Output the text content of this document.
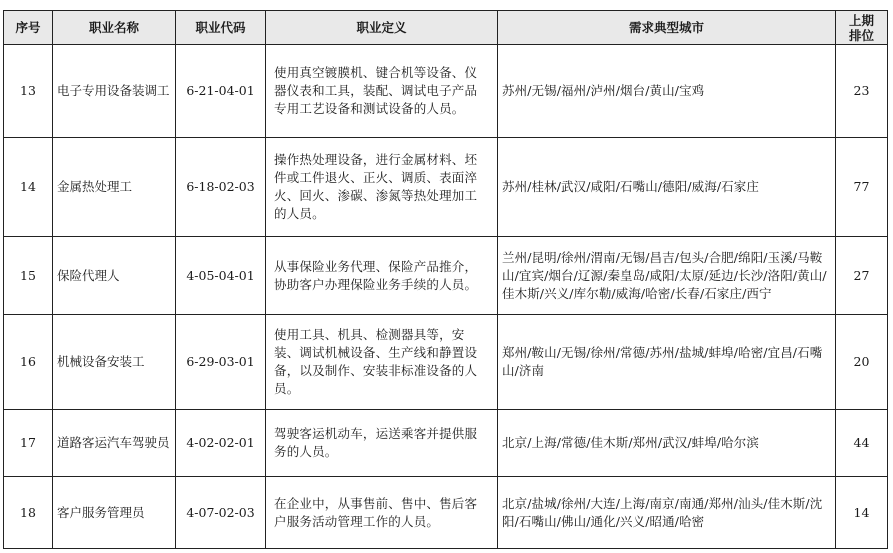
序号	职业名称	职业代码	职业定义	需求典型城市	上期
排位

13	电子专用设备装调工	6-21-04-01	使用真空镀膜机、键合机等设备、仪器仪表和工具，装配、调试电子产品专用工艺设备和测试设备的人员。	苏州/无锡/福州/泸州/烟台/黄山/宝鸡	23
14	金属热处理工	6-18-02-03	操作热处理设备，进行金属材料、坯件或工件退火、正火、调质、表面淬火、回火、渗碳、渗氮等热处理加工的人员。	苏州/桂林/武汉/咸阳/石嘴山/德阳/威海/石家庄	77
15	保险代理人	4-05-04-01	从事保险业务代理、保险产品推介，协助客户办理保险业务手续的人员。	兰州/昆明/徐州/渭南/无锡/昌吉/包头/合肥/绵阳/玉溪/马鞍山/宜宾/烟台/辽源/秦皇岛/咸阳/太原/延边/长沙/洛阳/黄山/佳木斯/兴义/库尔勒/威海/哈密/长春/石家庄/西宁	27
16	机械设备安装工	6-29-03-01	使用工具、机具、检测器具等，安装、调试机械设备、生产线和静置设备，以及制作、安装非标准设备的人员。	郑州/鞍山/无锡/徐州/常德/苏州/盐城/蚌埠/哈密/宜昌/石嘴山/济南	20
17	道路客运汽车驾驶员	4-02-02-01	驾驶客运机动车，运送乘客并提供服务的人员。	北京/上海/常德/佳木斯/郑州/武汉/蚌埠/哈尔滨	44
18	客户服务管理员	4-07-02-03	在企业中，从事售前、售中、售后客户服务活动管理工作的人员。	北京/盐城/徐州/大连/上海/南京/南通/郑州/汕头/佳木斯/沈阳/石嘴山/佛山/通化/兴义/昭通/哈密	14
